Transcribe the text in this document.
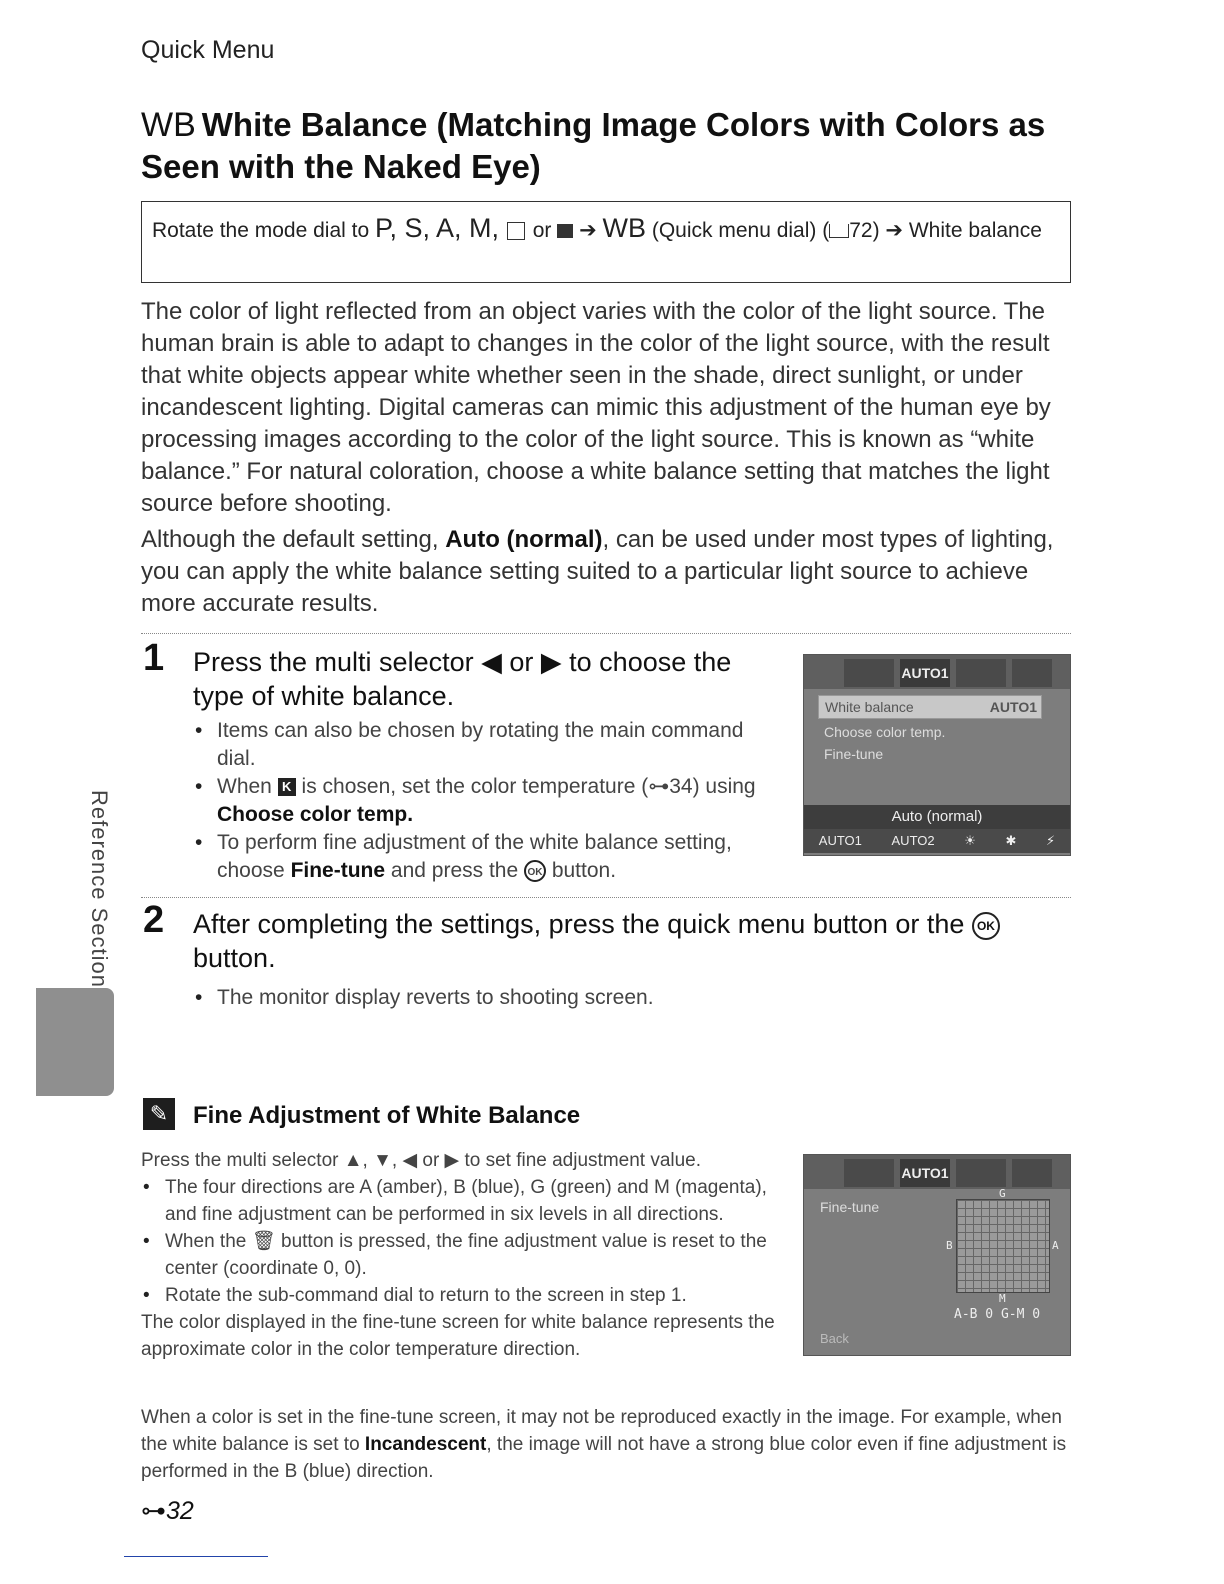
Quick Menu
WB White Balance (Matching Image Colors with Colors as Seen with the Naked Eye)
Rotate the mode dial to P, S, A, M,  or  ➔ WB (Quick menu dial) ( 72) ➔ White balance

The color of light reflected from an object varies with the color of the light source. The human brain is able to adapt to changes in the color of the light source, with the result that white objects appear white whether seen in the shade, direct sunlight, or under incandescent lighting. Digital cameras can mimic this adjustment of the human eye by processing images according to the color of the light source. This is known as “white balance.” For natural coloration, choose a white balance setting that matches the light source before shooting.

Although the default setting, Auto (normal), can be used under most types of lighting, you can apply the white balance setting suited to a particular light source to achieve more accurate results.

1 Press the multi selector ◀ or ▶ to choose the type of white balance.
• Items can also be chosen by rotating the main command dial.
• When K is chosen, set the color temperature (⊶34) using Choose color temp.
• To perform fine adjustment of the white balance setting, choose Fine-tune and press the OK button.
AUTO1
White balance	AUTO1
Choose color temp.
Fine-tune
Auto (normal)
AUTO1 AUTO2 ☀ ✱ ⚡
2 After completing the settings, press the quick menu button or the OK button.
• The monitor display reverts to shooting screen.
Reference Section
✎ Fine Adjustment of White Balance

Press the multi selector ▲, ▼, ◀ or ▶ to set fine adjustment value.

• The four directions are A (amber), B (blue), G (green) and M (magenta), and fine adjustment can be performed in six levels in all directions.
• When the 🗑 button is pressed, the fine adjustment value is reset to the center (coordinate 0, 0).
• Rotate the sub-command dial to return to the screen in step 1.

The color displayed in the fine-tune screen for white balance represents the approximate color in the color temperature direction.

When a color is set in the fine-tune screen, it may not be reproduced exactly in the image. For example, when the white balance is set to Incandescent, the image will not have a strong blue color even if fine adjustment is performed in the B (blue) direction.
AUTO1
Fine-tune
G
B	A
M
A-B 0 G-M 0
Back
⊶32
